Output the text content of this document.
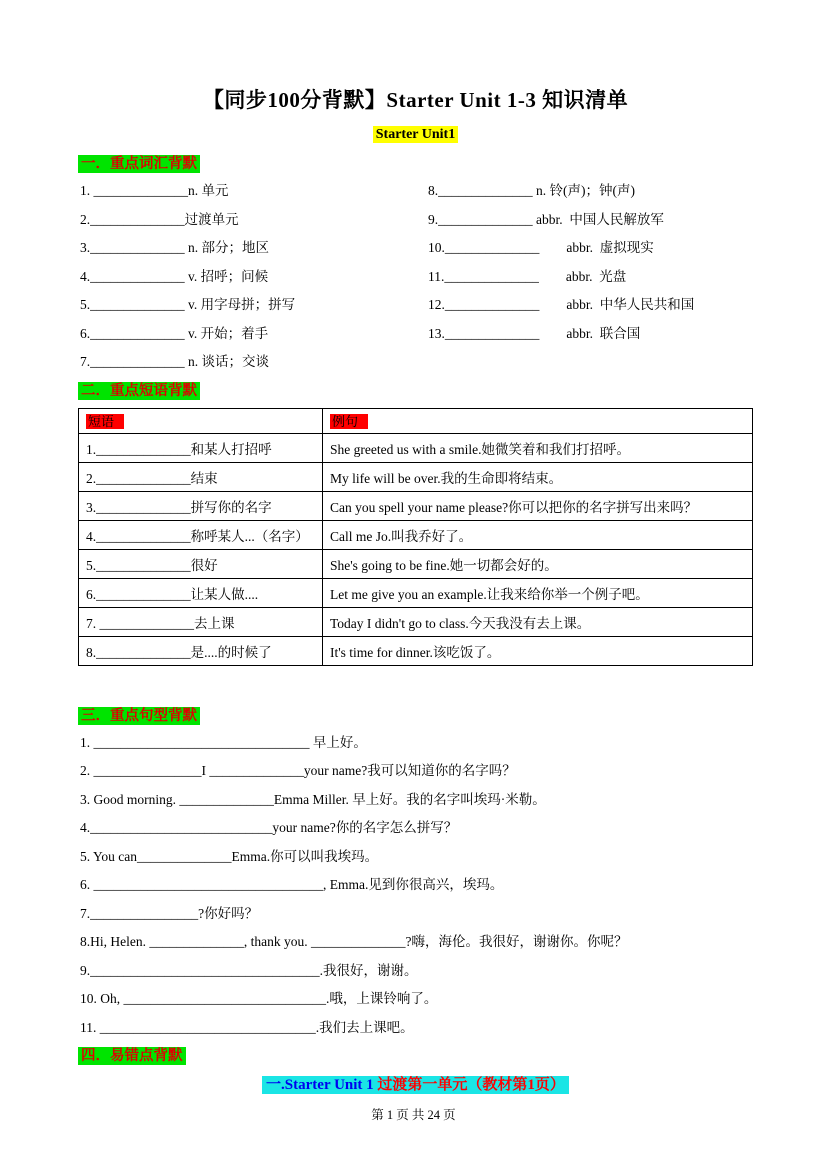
【同步100分背默】Starter Unit 1-3 知识清单
Starter Unit1
一．重点词汇背默
1. ______________n. 单元
2.______________过渡单元
3.______________ n. 部分；地区
4.______________ v. 招呼；问候
5.______________ v. 用字母拼；拼写
6.______________ v. 开始；着手
7.______________ n. 谈话；交谈
8.______________ n. 铃(声)；钟(声)
9.______________ abbr.  中国人民解放军
10.______________        abbr.  虚拟现实
11.______________        abbr.  光盘
12.______________        abbr.  中华人民共和国
13.______________        abbr.  联合国
二．重点短语背默
短语	例句
1.______________和某人打招呼	She greeted us with a smile.她微笑着和我们打招呼。
2.______________结束	My life will be over.我的生命即将结束。
3.______________拼写你的名字	Can you spell your name please?你可以把你的名字拼写出来吗？
4.______________称呼某人...（名字）	Call me Jo.叫我乔好了。
5.______________很好	She's going to be fine.她一切都会好的。
6.______________让某人做....	Let me give you an example.让我来给你举一个例子吧。
7. ______________去上课	Today I didn't go to class.今天我没有去上课。
8.______________是....的时候了	It's time for dinner.该吃饭了。
三．重点句型背默
1. ________________________________ 早上好。
2. ________________I ______________your name?我可以知道你的名字吗？
3. Good morning. ______________Emma Miller. 早上好。我的名字叫埃玛·米勒。
4.___________________________your name?你的名字怎么拼写？
5. You can______________Emma.你可以叫我埃玛。
6. __________________________________, Emma.见到你很高兴，埃玛。
7.________________?你好吗？
8.Hi, Helen. ______________, thank you. ______________?嗨，海伦。我很好，谢谢你。你呢？
9.__________________________________.我很好，谢谢。
10. Oh, ______________________________.哦，上课铃响了。
11. ________________________________.我们去上课吧。
四．易错点背默
一.Starter Unit 1 过渡第一单元（教材第1页）
第 1 页 共 24 页
